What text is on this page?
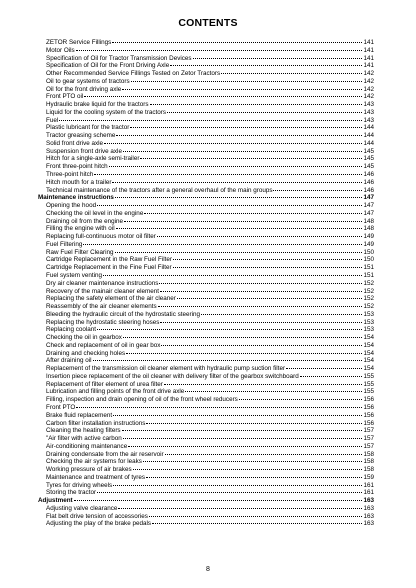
CONTENTS
ZETOR Service Fillings	141
Motor Oils	141
Specification of Oil for Tractor Transmission Devices	141
Specification of Oil for the Front Driving Axle	141
Other Recommended Service Fillings Tested on Zetor Tractors	142
Oil to gear systems of tractors	142
Oil for the front driving axle	142
Front PTO oil	142
Hydraulic brake liquid for the tractors	143
Liquid for the cooling system of the tractors	143
Fuel	143
Plastic lubricant for the tractor	144
Tractor greasing scheme	144
Solid front drive axle	144
Suspension front drive axle	145
Hitch for a single-axle semi-trailer	145
Front three-point hitch	145
Three-point hitch	146
Hitch mouth for a trailer	146
Technical maintenance of the tractors after a general overhaul of the main groups	146
Maintenance instructions	147
Opening the hood	147
Checking the oil level in the engine	147
Draining oil from the engine	148
Filling the engine with oil	148
Replacing full-continuous motor oil filter	149
Fuel Filtering	149
Raw Fuel Filter Clearing	150
Cartridge Replacement in the Raw Fuel Filter	150
Cartridge Replacement in the Fine Fuel Filter	151
Fuel system venting	151
Dry air cleaner maintenance instructions	152
Recovery of the mainair cleaner element	152
Replacing the safety element of the air cleaner	152
Reassembly of the air cleaner elements	152
Bleeding the hydraulic circuit of the hydrostatic steering	153
Replacing the hydrostatic steering hoses	153
Replacing coolant	153
Checking the oil in gearbox	154
Check and replacement of oil in gear box	154
Draining and checking holes	154
After draining oil	154
Replacement of the transmission oil cleaner element with hydraulic pump suction filter	154
Insertion piece replacement of the oil cleaner with delivery filter of the gearbox switchboard	155
Replacement of filter element of urea filter	155
Lubrication and filling points of the front drive axle	155
Filling, inspection and drain opening of oil of the front wheel reducers	156
Front PTO	156
Brake fluid replacement	156
Carbon filter installation instructions	156
Cleaning the heating filters	157
"Air filter with active carbon	157
Air-conditioning maintenance	157
Draining condensate from the air reservoir	158
Checking the air systems for leaks	158
Working pressure of air brakes	158
Maintenance and treatment of tyres	159
Tyres for driving wheels	161
Storing the tractor	161
Adjustment	163
Adjusting valve clearance	163
Flat belt drive tension of accessories	163
Adjusting the play of the brake pedals	163
8
